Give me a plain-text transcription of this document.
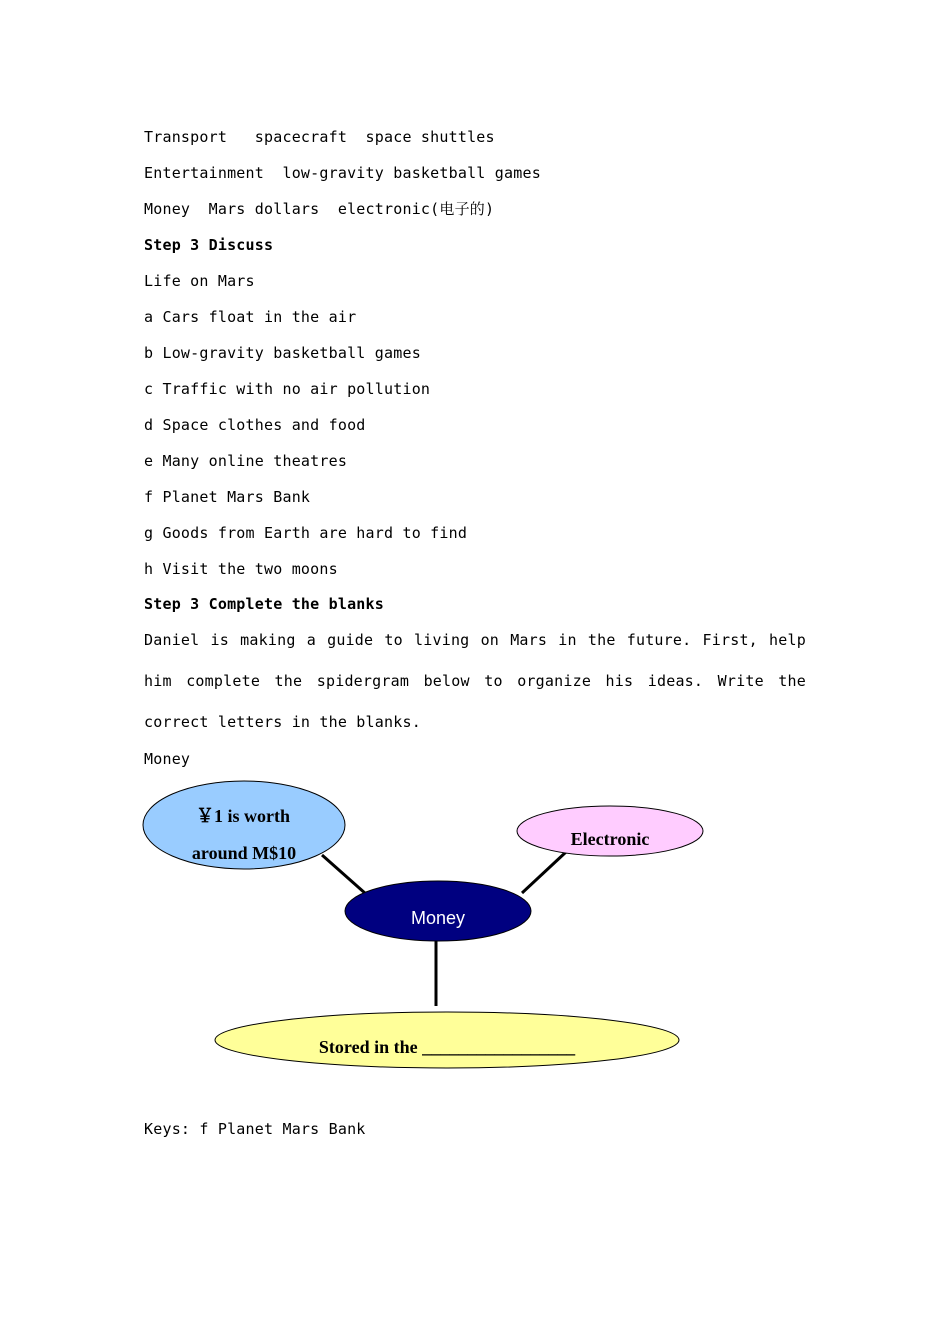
Transport   spacecraft  space shuttles
Entertainment  low-gravity basketball games
Money  Mars dollars  electronic(电子的)
Step 3 Discuss
Life on Mars
a Cars float in the air
b Low-gravity basketball games
c Traffic with no air pollution
d Space clothes and food
e Many online theatres
f Planet Mars Bank
g Goods from Earth are hard to find
h Visit the two moons
Step 3 Complete the blanks
Daniel is making a guide to living on Mars in the future. First, help him complete the spidergram below to organize his ideas. Write the correct letters in the blanks.
Money
￥1 is worth
around M$10
Electronic
Money
Stored in the _________________
Keys: f Planet Mars Bank
